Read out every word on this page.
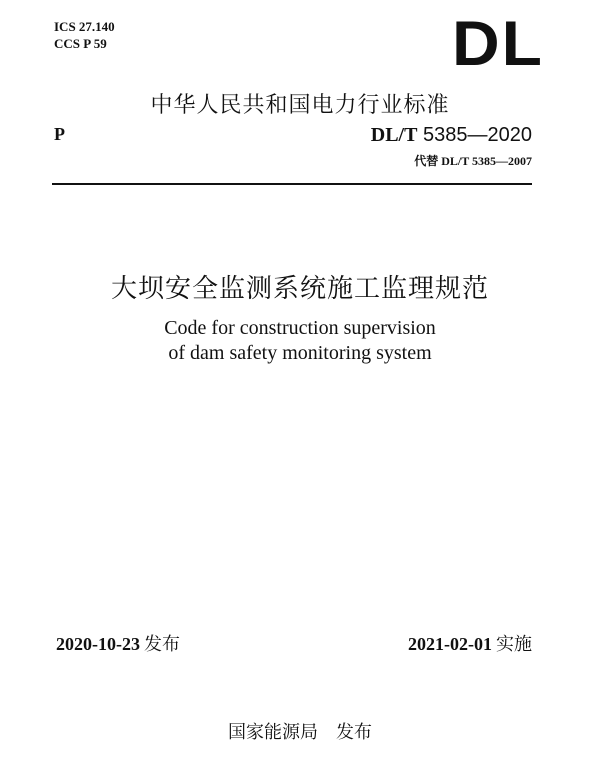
ICS 27.140
CCS P 59	DL
中华人民共和国电力行业标准
P	DL/T 5385—2020
代替 DL/T 5385—2007
大坝安全监测系统施工监理规范
Code for construction supervision
of dam safety monitoring system
2020-10-23 发布	2021-02-01 实施
国家能源局 发布
